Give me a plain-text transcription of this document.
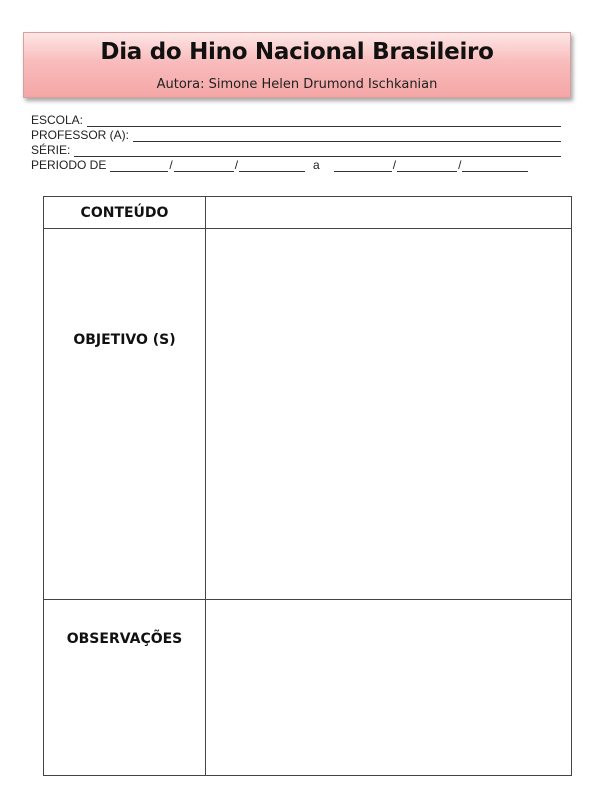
Dia do Hino Nacional Brasileiro
Autora: Simone Helen Drumond Ischkanian
ESCOLA:
PROFESSOR (A):
SÉRIE:
PERIODO DE	/	/	a	/	/
CONTEÚDO	

OBJETIVO (S)	

OBSERVAÇÕES	
